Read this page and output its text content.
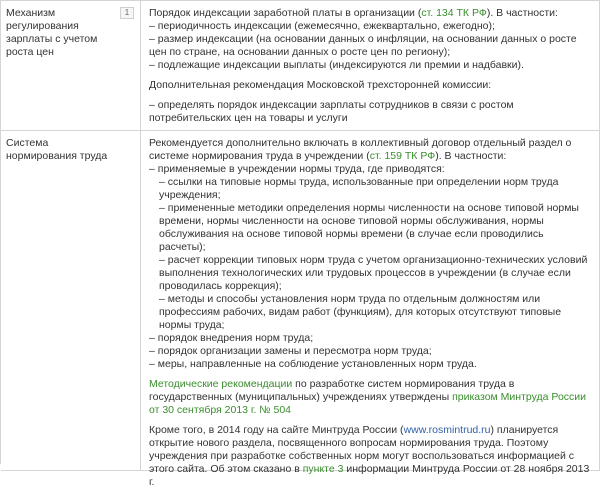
Механизм регулирования зарплаты с учетом роста цен

1	Порядок индексации заработной платы в организации (ст. 134 ТК РФ). В частности:

– периодичность индексации (ежемесячно, ежеквартально, ежегодно);

– размер индексации (на основании данных о инфляции, на основании данных о росте цен по стране, на основании данных о росте цен по региону);

– подлежащие индексации выплаты (индексируются ли премии и надбавки).

Дополнительная рекомендация Московской трехсторонней комиссии:

– определять порядок индексации зарплаты сотрудников в связи с ростом потребительских цен на товары и услуги

Система нормирования труда

Рекомендуется дополнительно включать в коллективный договор отдельный раздел о системе нормирования труда в учреждении (ст. 159 ТК РФ). В частности:

– применяемые в учреждении нормы труда, где приводятся:

– ссылки на типовые нормы труда, использованные при определении норм труда учреждения;

– примененные методики определения нормы численности на основе типовой нормы времени, нормы численности на основе типовой нормы обслуживания, нормы обслуживания на основе типовой нормы времени (в случае если проводились расчеты);

– расчет коррекции типовых норм труда с учетом организационно-технических условий выполнения технологических или трудовых процессов в учреждении (в случае если проводилась коррекция);

– методы и способы установления норм труда по отдельным должностям или профессиям рабочих, видам работ (функциям), для которых отсутствуют типовые нормы труда;

– порядок внедрения норм труда;

– порядок организации замены и пересмотра норм труда;

– меры, направленные на соблюдение установленных норм труда.

Методические рекомендации по разработке систем нормирования труда в государственных (муниципальных) учреждениях утверждены приказом Минтруда России от 30 сентября 2013 г. № 504

Кроме того, в 2014 году на сайте Минтруда России (www.rosmintrud.ru) планируется открытие нового раздела, посвященного вопросам нормирования труда. Поэтому учреждения при разработке собственных норм могут воспользоваться информацией с этого сайта. Об этом сказано в пункте 3 информации Минтруда России от 28 ноября 2013 г.
